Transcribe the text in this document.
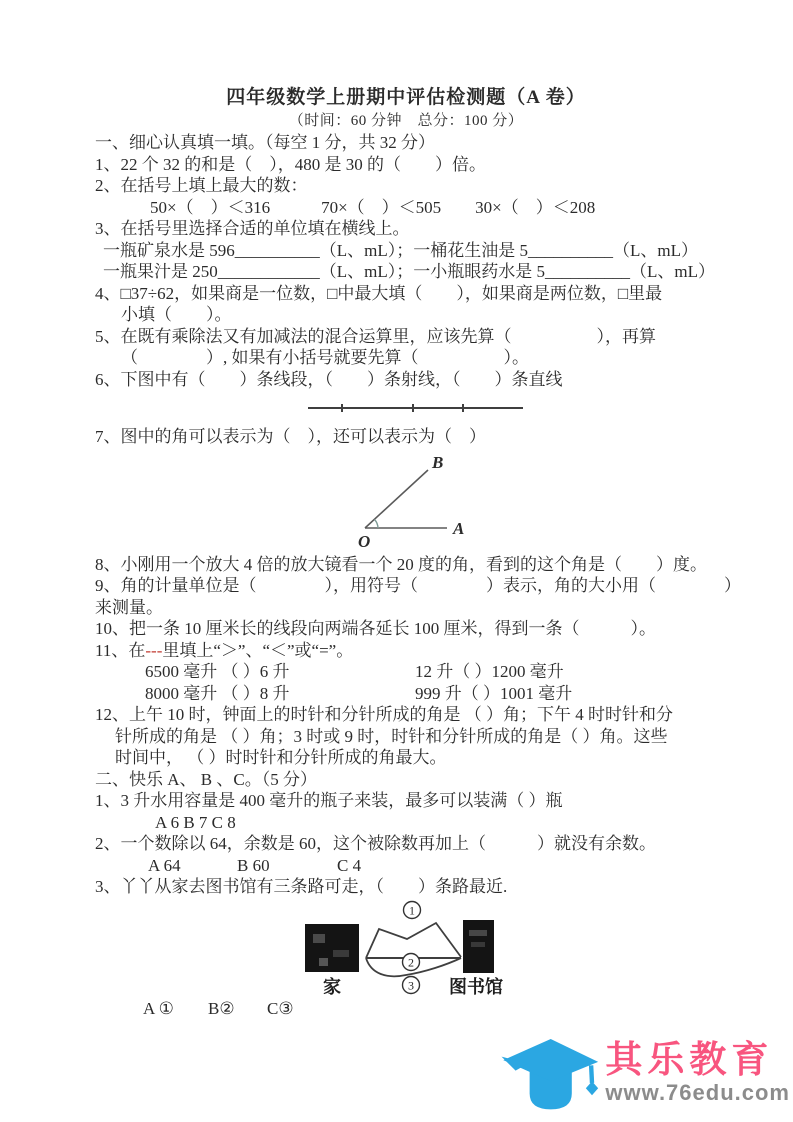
四年级数学上册期中评估检测题（A 卷）

（时间：60 分钟　总分：100 分）

一、细心认真填一填。（每空 1 分，共 32 分）

1、22 个 32 的和是（　），480 是 30 的（　　）倍。

2、在括号上填上最大的数：

50×（　）＜316　　　70×（　）＜505　　30×（　）＜208

3、在括号里选择合适的单位填在横线上。

一瓶矿泉水是 596__________（L、mL）；一桶花生油是 5__________（L、mL）

一瓶果汁是 250____________（L、mL）；一小瓶眼药水是 5__________（L、mL）

4、□37÷62，如果商是一位数，□中最大填（　　），如果商是两位数，□里最

小填（　　）。

5、在既有乘除法又有加减法的混合运算里，应该先算（　　　　　），再算

（　　　　）, 如果有小括号就要先算（　　　　　）。

6、下图中有（　　）条线段，（　　）条射线，（　　）条直线

7、图中的角可以表示为（　），还可以表示为（　）

B
A
O

8、小刚用一个放大 4 倍的放大镜看一个 20 度的角，看到的这个角是（　　）度。

9、角的计量单位是（　　　　），用符号（　　　　）表示，角的大小用（　　　　）

来测量。

10、把一条 10 厘米长的线段向两端各延长 100 厘米，得到一条（　　　）。

11、在---里填上“＞”、“＜”或“=”。

6500 毫升 （ ）6 升	12 升（ ）1200 毫升
8000 毫升 （ ）8 升	999 升（ ）1001 毫升

12、上午 10 时，钟面上的时针和分针所成的角是 （ ）角；下午 4 时时针和分

针所成的角是 （ ）角；3 时或 9 时，时针和分针所成的角是（ ）角。这些

时间中， （ ）时时针和分针所成的角最大。

二、快乐 A、 B 、C。（5 分）

1、3 升水用容量是 400 毫升的瓶子来装，最多可以装满（ ）瓶

A 6 B 7 C 8

2、一个数除以 64，余数是 60，这个被除数再加上（　　　）就没有余数。

A 64	B 60	C 4

3、丫丫从家去图书馆有三条路可走，（　　）条路最近.

1
2
3
家	图书馆
A ①	B②	C③
其乐教育
www.76edu.com
